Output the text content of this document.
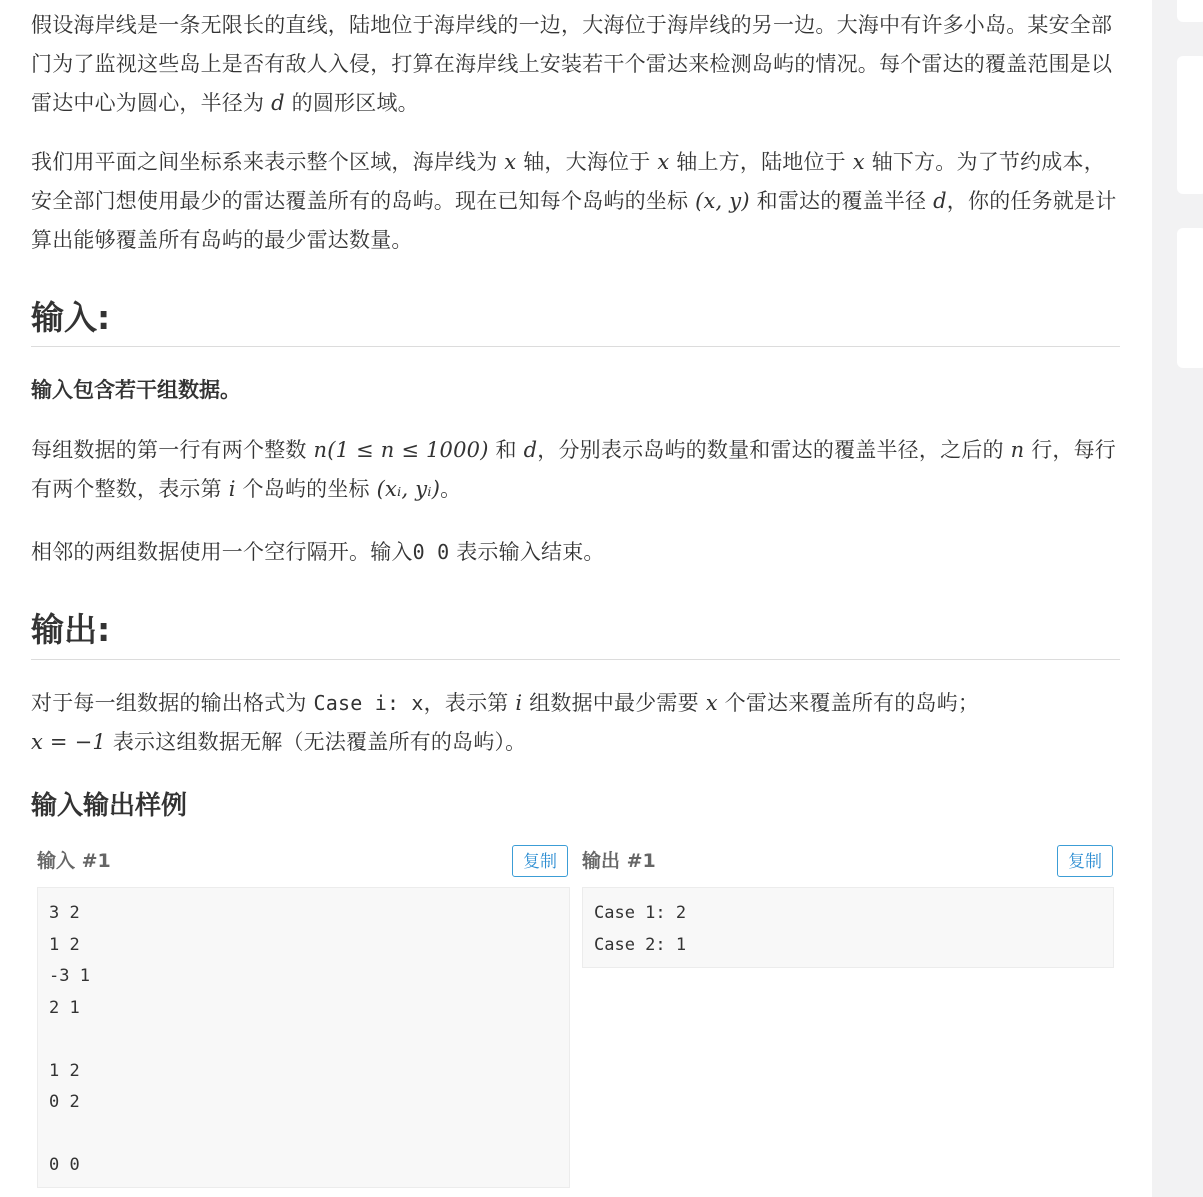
假设海岸线是一条无限长的直线，陆地位于海岸线的一边，大海位于海岸线的另一边。大海中有许多小岛。某安全部门为了监视这些岛上是否有敌人入侵，打算在海岸线上安装若干个雷达来检测岛屿的情况。每个雷达的覆盖范围是以雷达中心为圆心，半径为 d 的圆形区域。

我们用平面之间坐标系来表示整个区域，海岸线为 x 轴，大海位于 x 轴上方，陆地位于 x 轴下方。为了节约成本，安全部门想使用最少的雷达覆盖所有的岛屿。现在已知每个岛屿的坐标 (x, y) 和雷达的覆盖半径 d，你的任务就是计算出能够覆盖所有岛屿的最少雷达数量。

输入:
输入包含若干组数据。

每组数据的第一行有两个整数 n(1 ≤ n ≤ 1000) 和 d，分别表示岛屿的数量和雷达的覆盖半径，之后的 n 行，每行有两个整数，表示第 i 个岛屿的坐标 (xᵢ, yᵢ)。

相邻的两组数据使用一个空行隔开。输入0 0 表示输入结束。

输出:

对于每一组数据的输出格式为 Case i: x，表示第 i 组数据中最少需要 x 个雷达来覆盖所有的岛屿；
x = −1 表示这组数据无解（无法覆盖所有的岛屿）。

输入输出样例
输入 #1	复制	输出 #1	复制
3 2
1 2
-3 1
2 1
1 2
0 2
0 0
Case 1: 2
Case 2: 1
